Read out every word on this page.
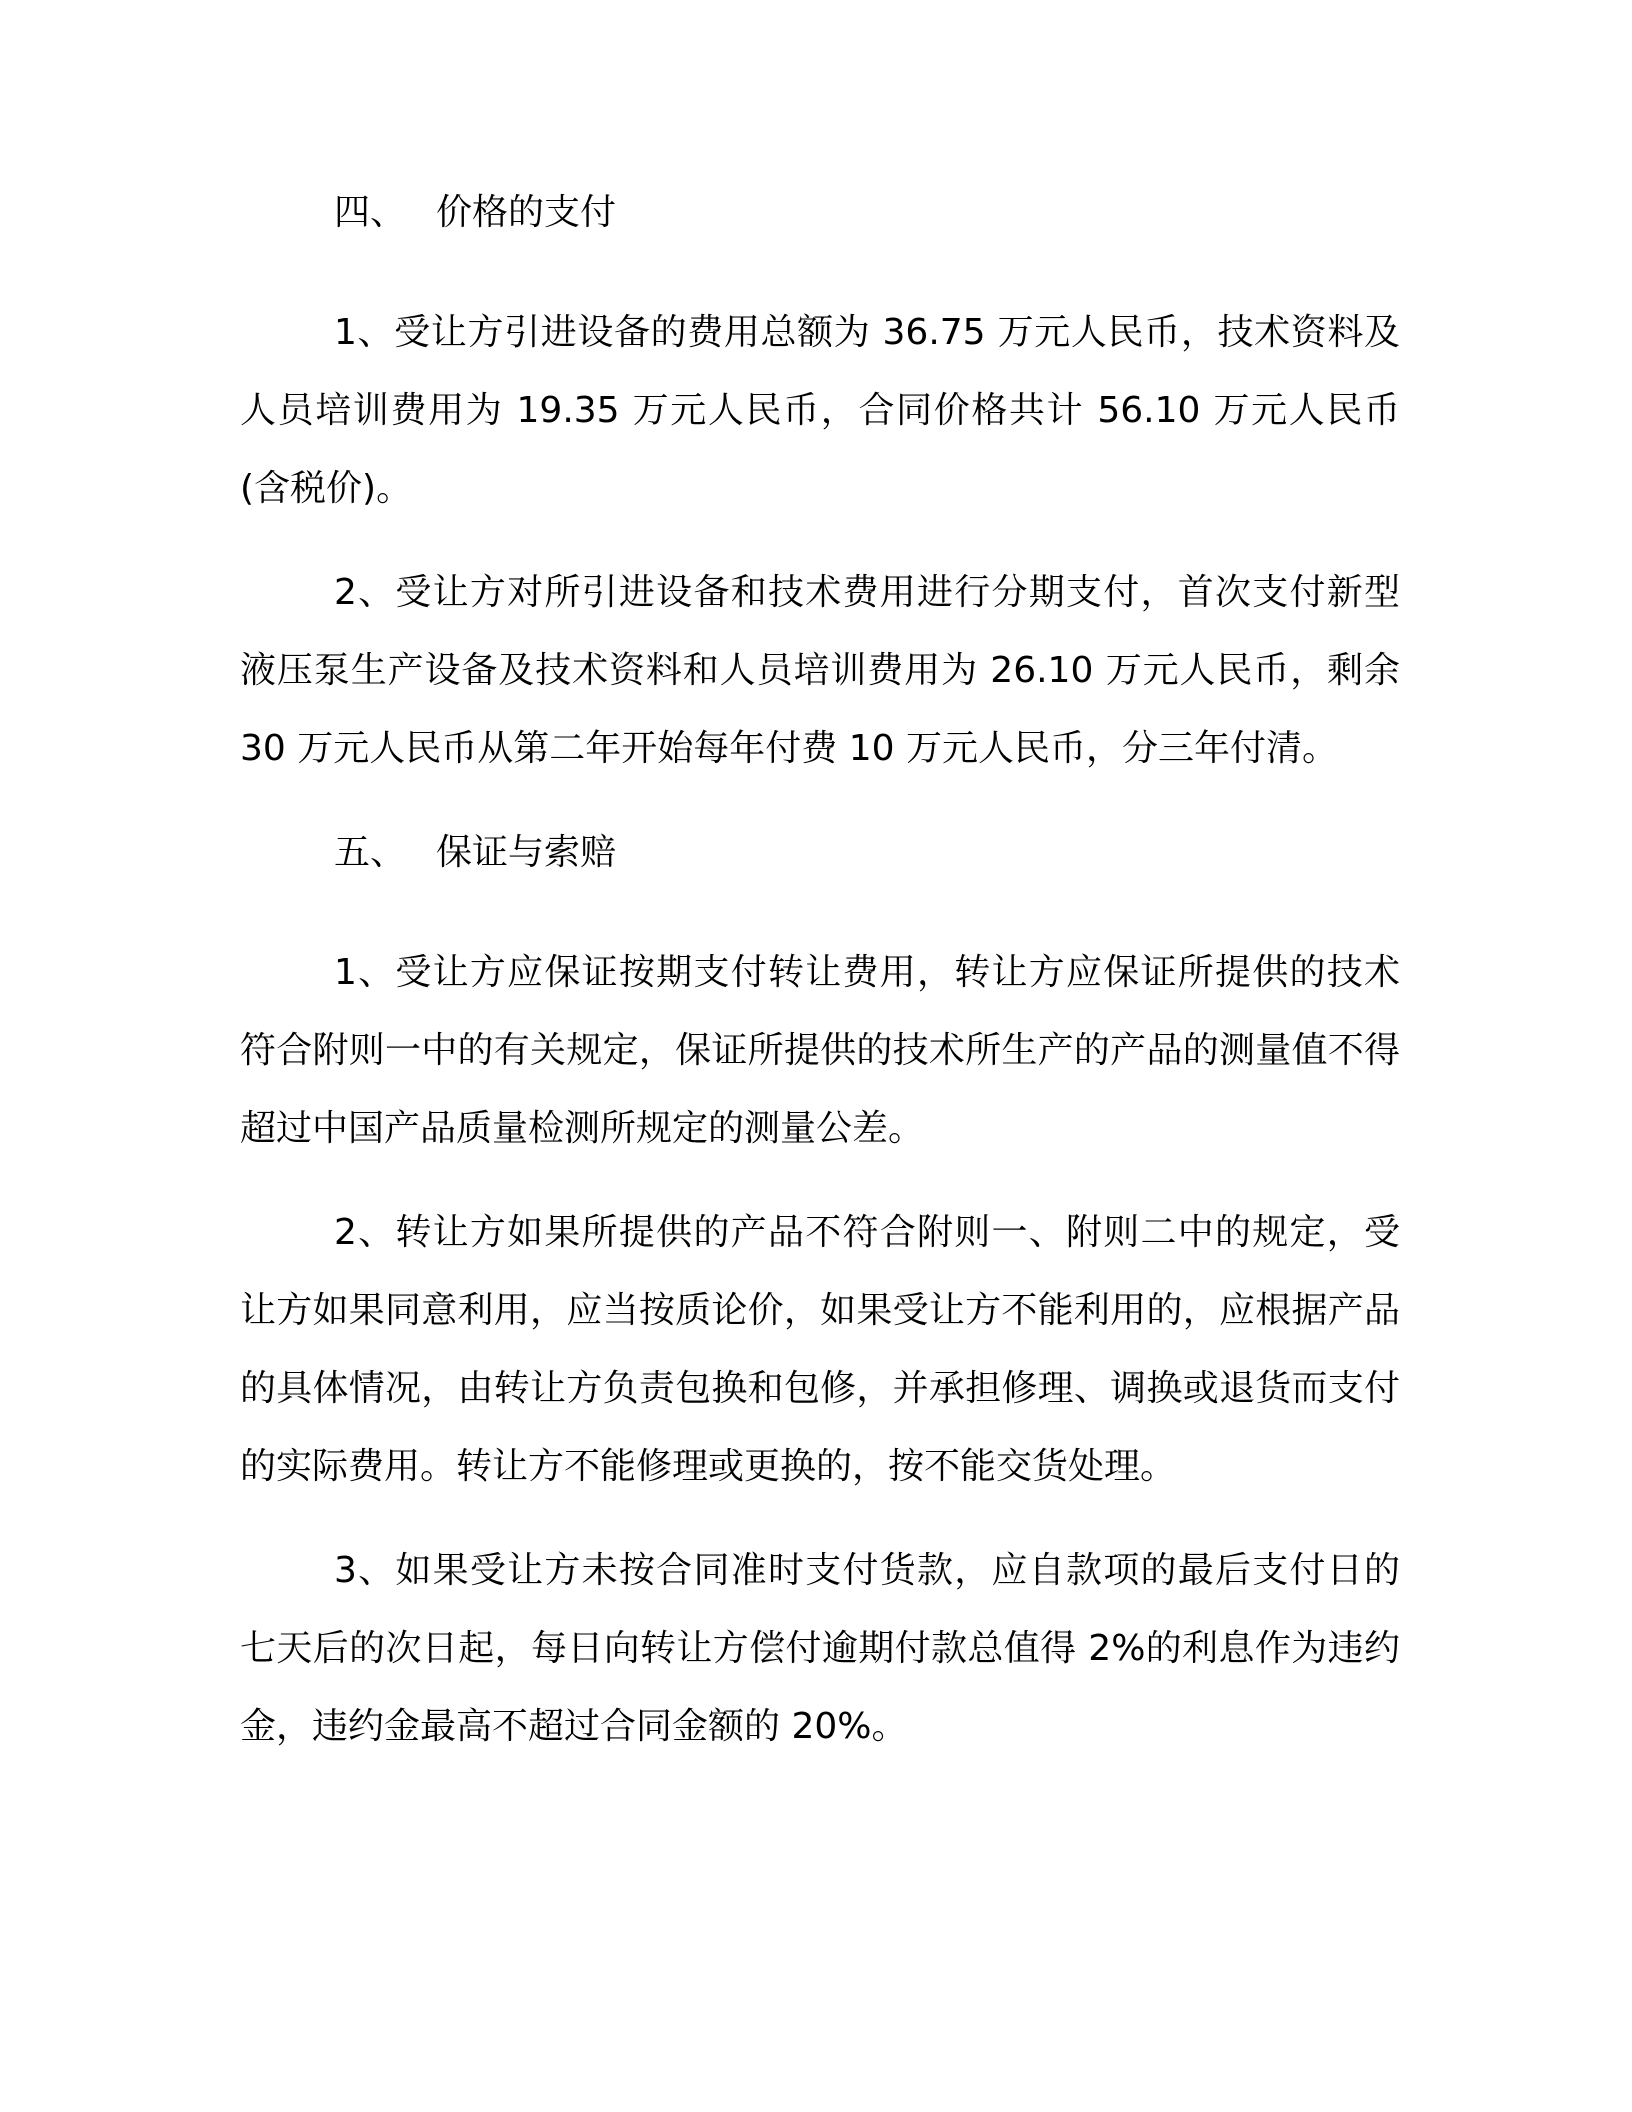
四、 价格的支付

1、受让方引进设备的费用总额为 36.75 万元人民币，技术资料及人员培训费用为 19.35 万元人民币，合同价格共计 56.10 万元人民币(含税价)。

2、受让方对所引进设备和技术费用进行分期支付，首次支付新型液压泵生产设备及技术资料和人员培训费用为 26.10 万元人民币，剩余 30 万元人民币从第二年开始每年付费 10 万元人民币，分三年付清。

五、 保证与索赔

1、受让方应保证按期支付转让费用，转让方应保证所提供的技术符合附则一中的有关规定，保证所提供的技术所生产的产品的测量值不得超过中国产品质量检测所规定的测量公差。

2、转让方如果所提供的产品不符合附则一、附则二中的规定，受让方如果同意利用，应当按质论价，如果受让方不能利用的，应根据产品的具体情况，由转让方负责包换和包修，并承担修理、调换或退货而支付的实际费用。转让方不能修理或更换的，按不能交货处理。

3、如果受让方未按合同准时支付货款，应自款项的最后支付日的七天后的次日起，每日向转让方偿付逾期付款总值得 2%的利息作为违约金，违约金最高不超过合同金额的 20%。
